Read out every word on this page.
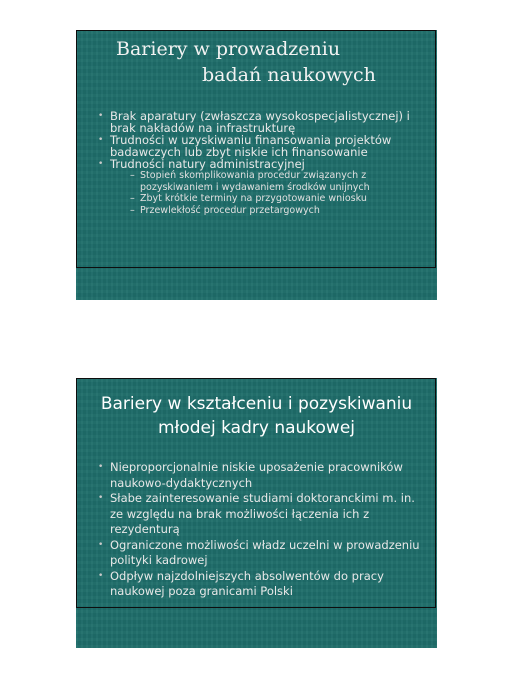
Bariery w prowadzeniu
badań naukowych
• Brak aparatury (zwłaszcza wysokospecjalistycznej) i brak nakładów na infrastrukturę
• Trudności w uzyskiwaniu finansowania projektów badawczych lub zbyt niskie ich finansowanie
• Trudności natury administracyjnej
– Stopień skomplikowania procedur związanych z pozyskiwaniem i wydawaniem środków unijnych
– Zbyt krótkie terminy na przygotowanie wniosku
– Przewlekłość procedur przetargowych
Bariery w kształceniu i pozyskiwaniu młodej kadry naukowej
• Nieproporcjonalnie niskie uposażenie pracowników naukowo-dydaktycznych
• Słabe zainteresowanie studiami doktoranckimi m. in. ze względu na brak możliwości łączenia ich z rezydenturą
• Ograniczone możliwości władz uczelni w prowadzeniu polityki kadrowej
• Odpływ najzdolniejszych absolwentów do pracy naukowej poza granicami Polski
